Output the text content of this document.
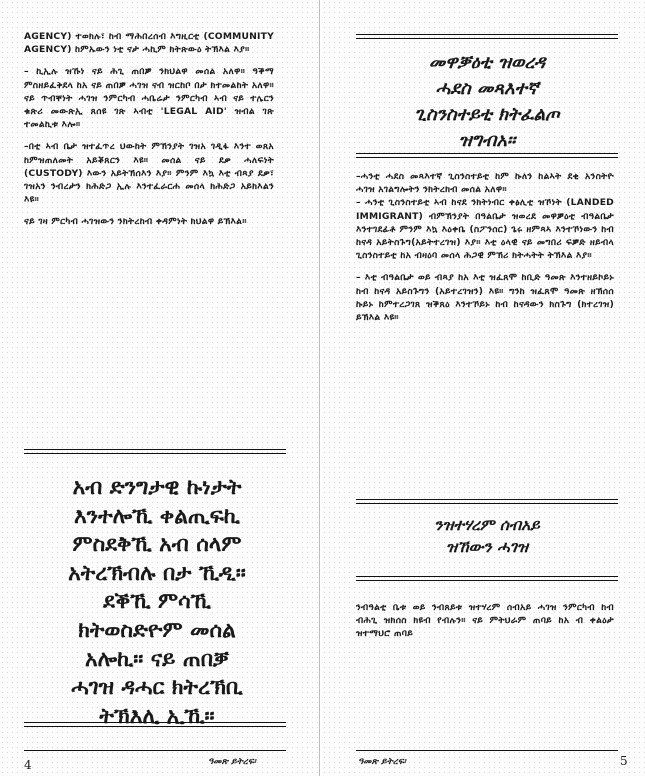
AGENCY) ተወክሉ፣ ከብ ማሕበረሰብ እግዚርቲ (COMMUNITY AGENCY) ከምኡውን ነቲ ናታ ሓኪም ክትጽውዕ ትኽእል እያ።

– ኪኢሉ ዝኹነ ናይ ሕጊ ጠበቓ ንክህልዋ መሰል አለዋ። ዓቕማ ምስዘይፈቅደላ ከአ ናይ ጠበቓ ሓገዝ ናብ ዝርከቦ በታ ክተመልከት አለዋ። ናይ ጥብቐነት ሓገዝ ንምርካብ ሓቤሬታ ንምርካብ ኣብ ናይ ተሌርን ቁጽሪ መውጽኢ ጸሰዩ ገጽ ኣብቲ 'LEGAL AID' ዝብል ገጽ ተመልኪቱ እሎ።

–በቲ ኣብ ቤታ ዝተፈጥረ ህውከት ምኽንያት ገዝአ ገዲፋ እንተ ወጸአ ከምዝጠለመት አይቖጸርን እዩ። መሰል ናይ ደቃ ሓለፍነት (CUSTODY) እውን አይትኽሰእን እያ። ምንም እኳ እቲ ብጻያ ደቃ፣ ገዝአን ንብረታን ክሕድጋ ኢሉ እንተፈራርሐ መሰላ ክሕድጋ አይክእልን እዩ።

ናይ ገዛ ምርካብ ሓገዝውን ንክትረከብ ቀዳምነት ክህልዋ ይኽእል።

አብ ድንግታዊ ኩነታት
እንተሎኺ ቀልጢፍኪ
ምስደቅኺ አብ ሰላም
አትረኽብሉ በታ ኺዲ።
ደቕኺ ምሳኺ
ክትወስድዮም መሰል
አሎኪ። ናይ ጠበቓ
ሓገዝ ዳሓር ክትረኽቢ
ትኽእሊ ኢኺ።
4	ዓመጽ ይትረፍ፡
መዋቓዕቲ ዝወረዳ
ሓደስ መጻእተኛ
ጊስንስተይቲ ክትፈልጦ
ዝግብአ።

–ሓንቲ ሓደስ መጻእተኛ ጊስንስተይቲ ከም ኩለን ከልኣት ደቂ አንስትዮ ሓገዝ አገልግሎትን ንክትረክብ መሰል አለዋ።

– ሓንቲ ጊስንስተይቲ ኣብ ከናደ ንክትነብር ቀፅሊቲ ዝኾነት (LANDED IMMIGRANT) ብምኽንያት በዓልቤታ ዝወረደ መዋቓዕቲ ብዓልቤታ እንተገደፊቶ ምንም እኳ እዕቀቤ (ስፖንሰር) ጌሩ ዘምጻኣ እንተኾነውን ከብ ከናዳ አይትስጉግ(አይትተረገዝ) እያ። እቲ ዕላዊ ናይ መግበሪ ፍቓድ ዘይብላ ጊስንስተይቲ ከአ ብዛዕባ መሰላ ሕጋዊ ምኽሪ ክትሓትት ትኽእል እያ።

– እቲ ብዓልቤታ ወይ ብጻያ ከአ እቲ ዝፈጸሞ ከቢድ ዓመጽ እንተዘይኮይኑ ከብ ከናዳ አይስጉግን (አይተረገዝን) እዩ። ግንከ ዝፈጸሞ ዓመጽ ዘኽሰሰ ኩይኑ ከምተረጋገጸ ዝቕጸዕ እንተኾይኑ ከብ ከናዳውን ክስጉግ (ክተረገዝ) ይኽእል እዩ።

ንዝተሃረም ሰብአይ
ዝኸውን ሓገዝ

ንብዓልቲ ቤቱ ወይ ንብጸይቱ ዝተሃረም ሰብአይ ሓገዝ ንምርካብ ከብ ብሕጊ ዝክሰስ ክዩብ የብሉን። ናይ ምትህራም ጠባይ ከአ ብ ቀልዕታ ዝተማህሮ ጠባይ

ዓመጽ ይትረፍ፡	5
